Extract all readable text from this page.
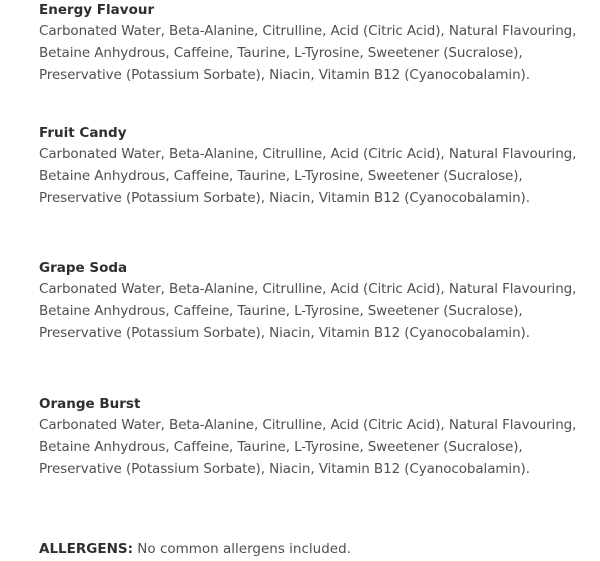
Energy Flavour
Carbonated Water, Beta-Alanine, Citrulline, Acid (Citric Acid), Natural Flavouring,
Betaine Anhydrous, Caffeine, Taurine, L-Tyrosine, Sweetener (Sucralose),
Preservative (Potassium Sorbate), Niacin, Vitamin B12 (Cyanocobalamin).
Fruit Candy
Carbonated Water, Beta-Alanine, Citrulline, Acid (Citric Acid), Natural Flavouring,
Betaine Anhydrous, Caffeine, Taurine, L-Tyrosine, Sweetener (Sucralose),
Preservative (Potassium Sorbate), Niacin, Vitamin B12 (Cyanocobalamin).
Grape Soda
Carbonated Water, Beta-Alanine, Citrulline, Acid (Citric Acid), Natural Flavouring,
Betaine Anhydrous, Caffeine, Taurine, L-Tyrosine, Sweetener (Sucralose),
Preservative (Potassium Sorbate), Niacin, Vitamin B12 (Cyanocobalamin).
Orange Burst
Carbonated Water, Beta-Alanine, Citrulline, Acid (Citric Acid), Natural Flavouring,
Betaine Anhydrous, Caffeine, Taurine, L-Tyrosine, Sweetener (Sucralose),
Preservative (Potassium Sorbate), Niacin, Vitamin B12 (Cyanocobalamin).
ALLERGENS: No common allergens included.
